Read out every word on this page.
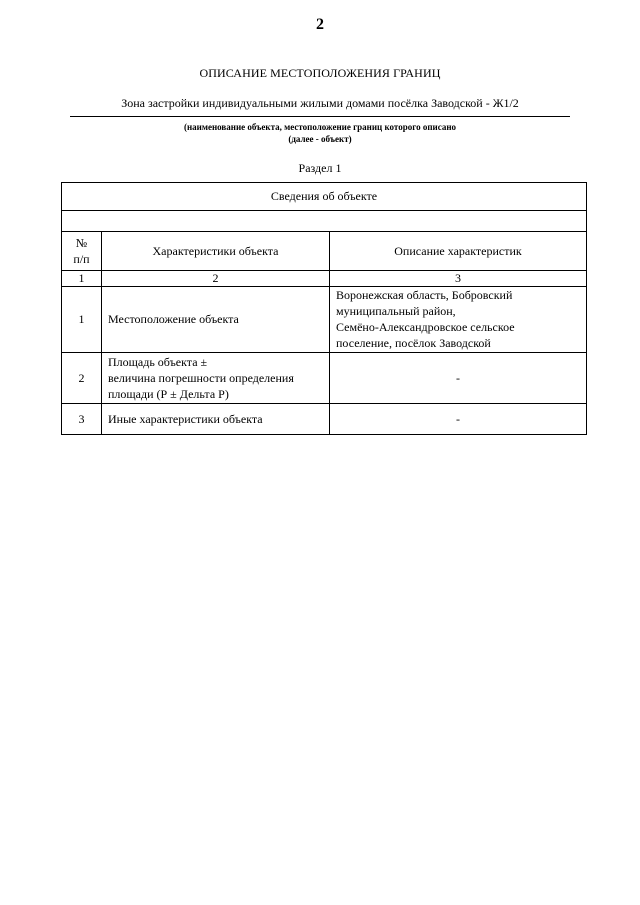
2
ОПИСАНИЕ МЕСТОПОЛОЖЕНИЯ ГРАНИЦ
Зона застройки индивидуальными жилыми домами посёлка Заводской - Ж1/2
(наименование объекта, местоположение границ которого описано
(далее - объект)
Раздел 1
Сведения об объекте		

№
п/п	Характеристики объекта	Описание характеристик
1	2	3
1	Местоположение объекта	Воронежская область, Бобровский
муниципальный район,
Семёно-Александровское сельское
поселение, посёлок Заводской

2	Площадь объекта ±
величина погрешности определения
площади (Р ± Дельта Р)	-
3	Иные характеристики объекта	-
